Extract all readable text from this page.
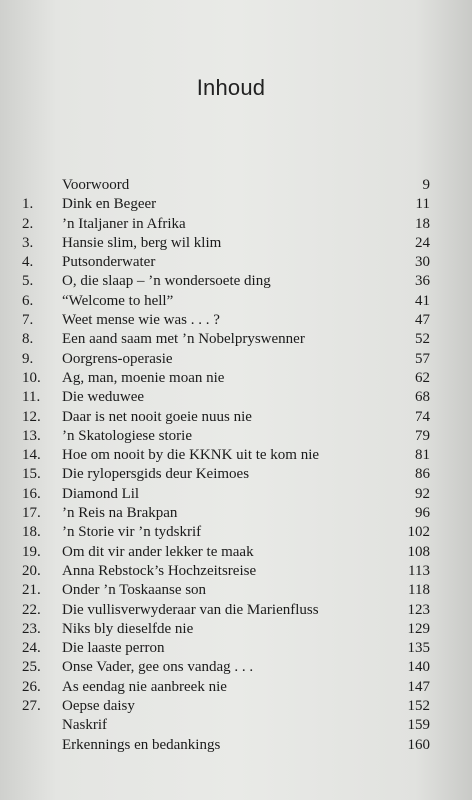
Inhoud
Voorwoord	9
1.	Dink en Begeer	11
2.	’n Italjaner in Afrika	18
3.	Hansie slim, berg wil klim	24
4.	Putsonderwater	30
5.	O, die slaap – ’n wondersoete ding	36
6.	“Welcome to hell”	41
7.	Weet mense wie was . . . ?	47
8.	Een aand saam met ’n Nobelpryswenner	52
9.	Oorgrens-operasie	57
10.	Ag, man, moenie moan nie	62
11.	Die weduwee	68
12.	Daar is net nooit goeie nuus nie	74
13.	’n Skatologiese storie	79
14.	Hoe om nooit by die KKNK uit te kom nie	81
15.	Die rylopersgids deur Keimoes	86
16.	Diamond Lil	92
17.	’n Reis na Brakpan	96
18.	’n Storie vir ’n tydskrif	102
19.	Om dit vir ander lekker te maak	108
20.	Anna Rebstock’s Hochzeitsreise	113
21.	Onder ’n Toskaanse son	118
22.	Die vullisverwyderaar van die Marienfluss	123
23.	Niks bly dieselfde nie	129
24.	Die laaste perron	135
25.	Onse Vader, gee ons vandag . . .	140
26.	As eendag nie aanbreek nie	147
27.	Oepse daisy	152
Naskrif	159
Erkennings en bedankings	160
